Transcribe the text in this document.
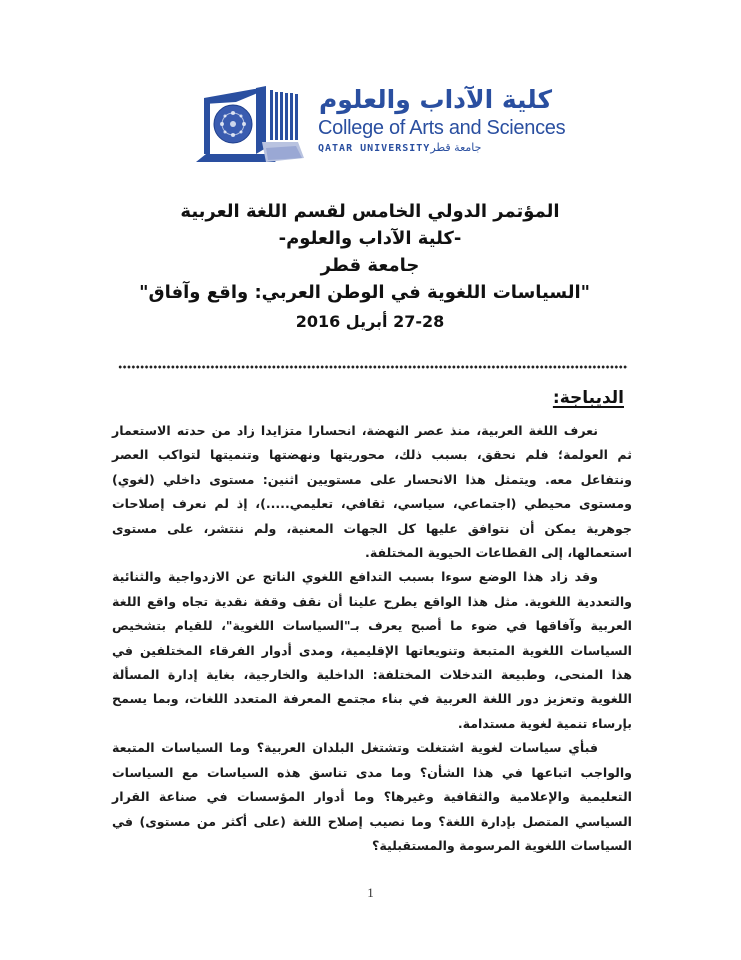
كلية الآداب والعلوم
College of Arts and Sciences
QATAR UNIVERSITYجامعة قطر
المؤتمر الدولي الخامس لقسم اللغة العربية
-كلية الآداب والعلوم-
جامعة قطر
"السياسات اللغوية في الوطن العربي: واقع وآفاق"
27-28 أبريل 2016
الديباجة:

نعرف اللغة العربية، منذ عصر النهضة، انحسارا متزايدا زاد من حدته الاستعمار ثم العولمة؛ فلم نحقق، بسبب ذلك، محوريتها ونهضتها وتنميتها لتواكب العصر ونتفاعل معه. ويتمثل هذا الانحسار على مستويين اثنين: مستوى داخلي (لغوي) ومستوى محيطي (اجتماعي، سياسي، ثقافي، تعليمي.....)، إذ لم نعرف إصلاحات جوهرية يمكن أن نتوافق عليها كل الجهات المعنية، ولم ننتشر، على مستوى استعمالها، إلى القطاعات الحيوية المختلفة.

وقد زاد هذا الوضع سوءا بسبب التدافع اللغوي الناتج عن الازدواجية والثنائية والتعددية اللغوية. مثل هذا الواقع يطرح علينا أن نقف وقفة نقدية تجاه واقع اللغة العربية وآفاقها في ضوء ما أصبح يعرف بـ"السياسات اللغوية"، للقيام بتشخيص السياسات اللغوية المتبعة وتنويعاتها الإقليمية، ومدى أدوار الفرقاء المختلفين في هذا المنحى، وطبيعة التدخلات المختلفة: الداخلية والخارجية، بغاية إدارة المسألة اللغوية وتعزيز دور اللغة العربية في بناء مجتمع المعرفة المتعدد اللغات، وبما يسمح بإرساء تنمية لغوية مستدامة.

فبأي سياسات لغوية اشتغلت وتشتغل البلدان العربية؟ وما السياسات المتبعة والواجب اتباعها في هذا الشأن؟ وما مدى تناسق هذه السياسات مع السياسات التعليمية والإعلامية والثقافية وغيرها؟ وما أدوار المؤسسات في صناعة القرار السياسي المتصل بإدارة اللغة؟ وما نصيب إصلاح اللغة (على أكثر من مستوى) في السياسات اللغوية المرسومة والمستقبلية؟

1
